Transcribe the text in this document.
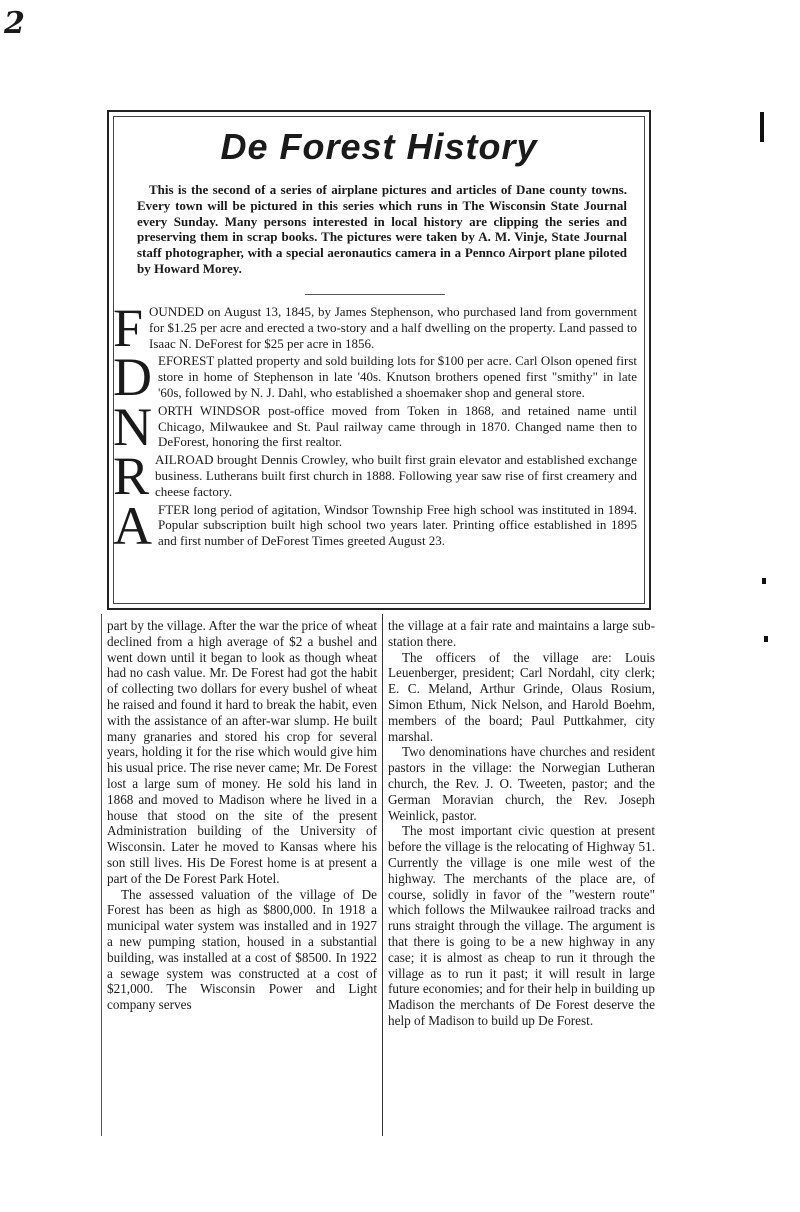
2
De Forest History

This is the second of a series of airplane pictures and articles of Dane county towns. Every town will be pictured in this series which runs in The Wisconsin State Journal every Sunday. Many persons interested in local history are clipping the series and preserving them in scrap books. The pictures were taken by A. M. Vinje, State Journal staff photographer, with a special aeronautics camera in a Pennco Airport plane piloted by Howard Morey.

FOUNDED on August 13, 1845, by James Stephenson, who purchased land from government for $1.25 per acre and erected a two-story and a half dwelling on the property. Land passed to Isaac N. DeForest for $25 per acre in 1856.

DEFOREST platted property and sold building lots for $100 per acre. Carl Olson opened first store in home of Stephenson in late '40s. Knutson brothers opened first "smithy" in late '60s, followed by N. J. Dahl, who established a shoemaker shop and general store.

NORTH WINDSOR post-office moved from Token in 1868, and retained name until Chicago, Milwaukee and St. Paul railway came through in 1870. Changed name then to DeForest, honoring the first realtor.

RAILROAD brought Dennis Crowley, who built first grain elevator and established exchange business. Lutherans built first church in 1888. Following year saw rise of first creamery and cheese factory.

AFTER long period of agitation, Windsor Township Free high school was instituted in 1894. Popular subscription built high school two years later. Printing office established in 1895 and first number of DeForest Times greeted August 23.

part by the village. After the war the price of wheat declined from a high average of $2 a bushel and went down until it began to look as though wheat had no cash value. Mr. De Forest had got the habit of collecting two dollars for every bushel of wheat he raised and found it hard to break the habit, even with the assistance of an after-war slump. He built many granaries and stored his crop for several years, holding it for the rise which would give him his usual price. The rise never came; Mr. De Forest lost a large sum of money. He sold his land in 1868 and moved to Madison where he lived in a house that stood on the site of the present Administration building of the University of Wisconsin. Later he moved to Kansas where his son still lives. His De Forest home is at present a part of the De Forest Park Hotel.

The assessed valuation of the village of De Forest has been as high as $800,000. In 1918 a municipal water system was installed and in 1927 a new pumping station, housed in a substantial building, was installed at a cost of $8500. In 1922 a sewage system was constructed at a cost of $21,000. The Wisconsin Power and Light company serves

the village at a fair rate and maintains a large sub-station there.

The officers of the village are: Louis Leuenberger, president; Carl Nordahl, city clerk; E. C. Meland, Arthur Grinde, Olaus Rosium, Simon Ethum, Nick Nelson, and Harold Boehm, members of the board; Paul Puttkahmer, city marshal.

Two denominations have churches and resident pastors in the village: the Norwegian Lutheran church, the Rev. J. O. Tweeten, pastor; and the German Moravian church, the Rev. Joseph Weinlick, pastor.

The most important civic question at present before the village is the relocating of Highway 51. Currently the village is one mile west of the highway. The merchants of the place are, of course, solidly in favor of the "western route" which follows the Milwaukee railroad tracks and runs straight through the village. The argument is that there is going to be a new highway in any case; it is almost as cheap to run it through the village as to run it past; it will result in large future economies; and for their help in building up Madison the merchants of De Forest deserve the help of Madison to build up De Forest.
